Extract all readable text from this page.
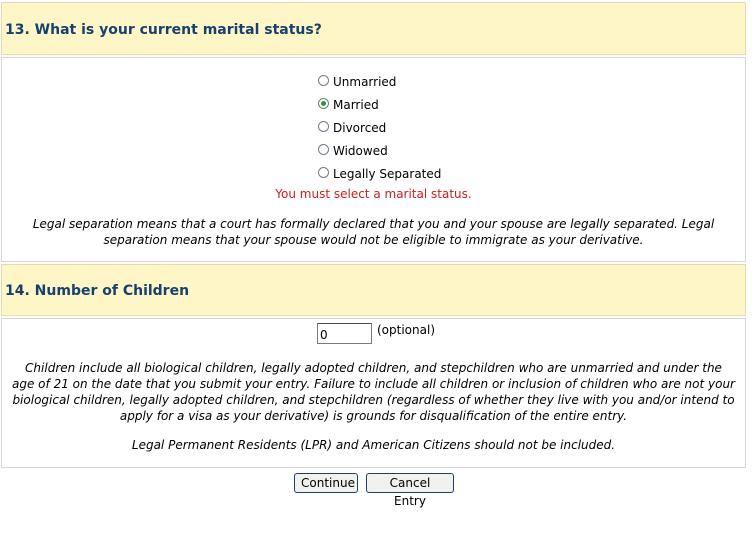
13. What is your current marital status?
Unmarried
Married
Divorced
Widowed
Legally Separated
You must select a marital status.
Legal separation means that a court has formally declared that you and your spouse are legally separated. Legal separation means that your spouse would not be eligible to immigrate as your derivative.
14. Number of Children
0
(optional)
Children include all biological children, legally adopted children, and stepchildren who are unmarried and under the age of 21 on the date that you submit your entry. Failure to include all children or inclusion of children who are not your biological children, legally adopted children, and stepchildren (regardless of whether they live with you and/or intend to apply for a visa as your derivative) is grounds for disqualification of the entire entry.
Legal Permanent Residents (LPR) and American Citizens should not be included.
Continue	Cancel Entry
